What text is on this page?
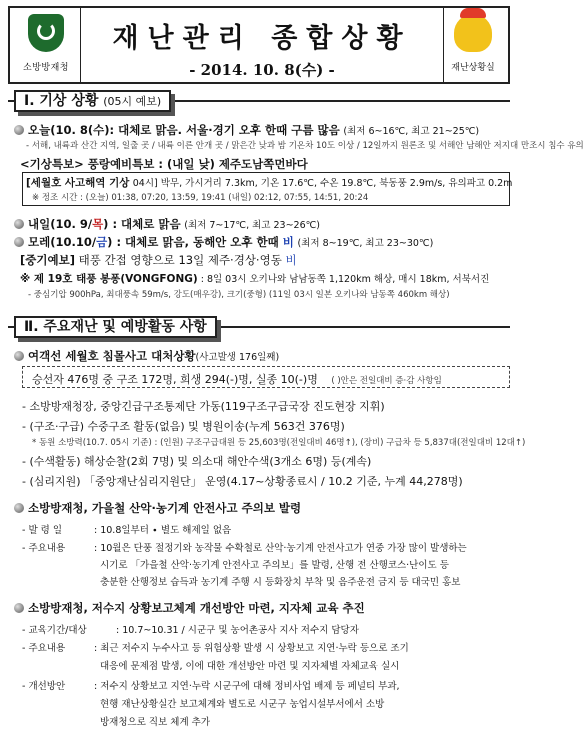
소방방재청
재난관리 종합상황
- 2014. 10. 8(수) -	재난상황실
Ⅰ. 기상 상황 (05시 예보)
오늘(10. 8(수): 대체로 맑음. 서울·경기 오후 한때 구름 많음 (최저 6~16℃, 최고 21~25℃)
- 서해, 내륙과 산간 지역, 일출 곳 / 내륙 이른 안개 곳 / 맑은간 낮과 밤 기온차 10도 이상 / 12일까지 원론조 및 서해안 남해안 저지대 만조시 침수 유의
<기상특보> 풍랑예비특보 : (내일 낮) 제주도남쪽먼바다
[세월호 사고해역 기상 04시] 박무, 가시거리 7.3km, 기온 17.6℃, 수온 19.8℃, 북동풍 2.9m/s, 유의파고 0.2m
※ 정조 시간 : (오늘) 01:38, 07:20, 13:59, 19:41 (내일) 02:12, 07:55, 14:51, 20:24
내일(10. 9/목) : 대체로 맑음 (최저 7~17℃, 최고 23~26℃)
모레(10.10/금) : 대체로 맑음, 동해안 오후 한때 비 (최저 8~19℃, 최고 23~30℃)
[중기예보] 태풍 간접 영향으로 13일 제주·경상·영동 비
※ 제 19호 태풍 봉퐁(VONGFONG) : 8일 03시 오키나와 남남동쪽 1,120km 해상, 매시 18km, 서북서진
- 중심기압 900hPa, 최대풍속 59m/s, 강도(매우강), 크기(중형) (11일 03시 일본 오키나와 남동쪽 460km 해상)
Ⅱ. 주요재난 및 예방활동 사항
여객선 세월호 침몰사고 대처상황(사고발생 176일째)
승선자 476명 중 구조 172명, 희생 294(-)명, 실종 10(-)명 ( )안은 전일대비 증·감 사항임
- 소방방재청장, 중앙긴급구조통제단 가동(119구조구급국장 진도현장 지휘)
- (구조·구급) 수중구조 활동(없음) 및 병원이송(누계 563건 376명)
* 동원 소방력(10.7. 05시 기준) : (인원) 구조구급대원 등 25,603명(전일대비 46명↑), (장비) 구급차 등 5,837대(전일대비 12대↑)
- (수색활동) 해상순찰(2회 7명) 및 의소대 해안수색(3개소 6명) 등(계속)
- (심리지원) 「중앙재난심리지원단」 운영(4.17~상황종료시 / 10.2 기준, 누계 44,278명)
소방방재청, 가을철 산악·농기계 안전사고 주의보 발령
- 발 령 일	: 10.8일부터 ∙ 별도 해제일 없음
- 주요내용	: 10월은 단풍 절정기와 농작물 수확철로 산악·농기계 안전사고가 연중 가장 많이 발생하는
시기로 「가을철 산악·농기계 안전사고 주의보」를 발령, 산행 전 산행코스·난이도 등
충분한 산행정보 습득과 농기계 주행 시 등화장치 부착 및 음주운전 금지 등 대국민 홍보
소방방재청, 저수지 상황보고체계 개선방안 마련, 지자체 교육 추진
- 교육기간/대상	: 10.7~10.31 / 시군구 및 농어촌공사 지사 저수지 담당자
- 주요내용	: 최근 저수지 누수사고 등 위험상황 발생 시 상황보고 지연·누락 등으로 조기
대응에 문제점 발생, 이에 대한 개선방안 마련 및 지자체별 자체교육 실시
- 개선방안	: 저수지 상황보고 지연·누락 시군구에 대해 정비사업 배제 등 페널티 부과,
현행 재난상황실간 보고체계와 별도로 시군구 농업시설부서에서 소방
방재청으로 직보 체계 추가
